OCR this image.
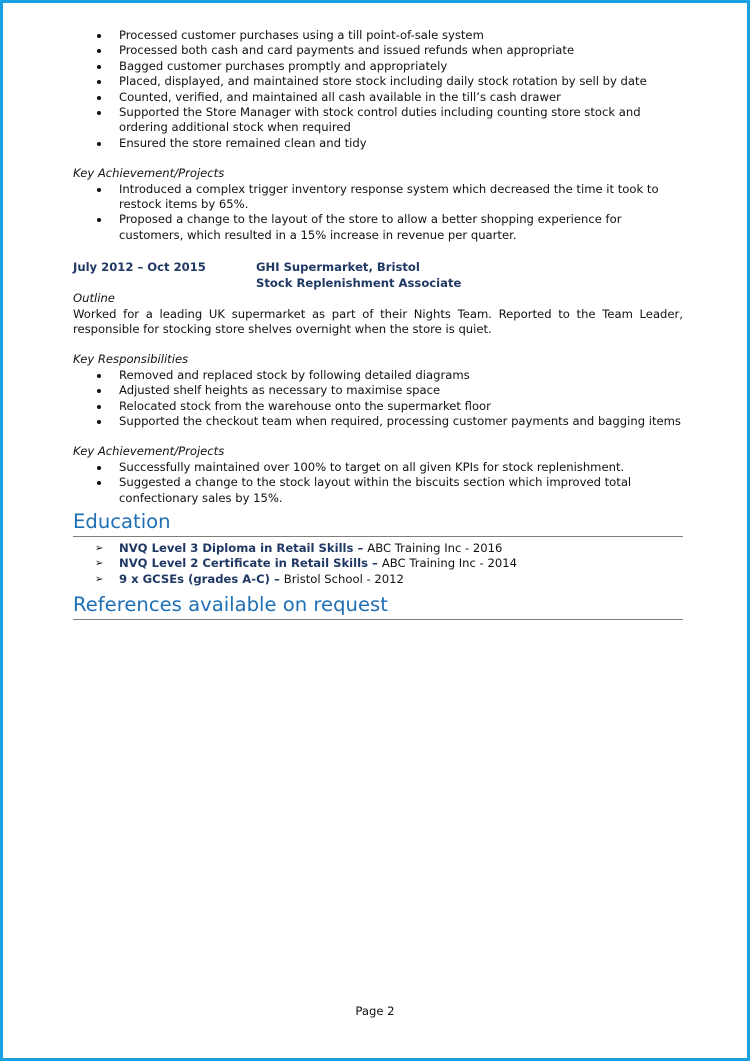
Processed customer purchases using a till point-of-sale system
Processed both cash and card payments and issued refunds when appropriate
Bagged customer purchases promptly and appropriately
Placed, displayed, and maintained store stock including daily stock rotation by sell by date
Counted, verified, and maintained all cash available in the till’s cash drawer
Supported the Store Manager with stock control duties including counting store stock and ordering additional stock when required
Ensured the store remained clean and tidy
Key Achievement/Projects
Introduced a complex trigger inventory response system which decreased the time it took to restock items by 65%.
Proposed a change to the layout of the store to allow a better shopping experience for customers, which resulted in a 15% increase in revenue per quarter.
July 2012 – Oct 2015	GHI Supermarket, Bristol
Stock Replenishment Associate
Outline
Worked for a leading UK supermarket as part of their Nights Team. Reported to the Team Leader, responsible for stocking store shelves overnight when the store is quiet.
Key Responsibilities
Removed and replaced stock by following detailed diagrams
Adjusted shelf heights as necessary to maximise space
Relocated stock from the warehouse onto the supermarket floor
Supported the checkout team when required, processing customer payments and bagging items
Key Achievement/Projects
Successfully maintained over 100% to target on all given KPIs for stock replenishment.
Suggested a change to the stock layout within the biscuits section which improved total confectionary sales by 15%.
Education
➢ NVQ Level 3 Diploma in Retail Skills – ABC Training Inc - 2016
➢ NVQ Level 2 Certificate in Retail Skills – ABC Training Inc - 2014
➢ 9 x GCSEs (grades A-C) – Bristol School - 2012
References available on request
Page 2
